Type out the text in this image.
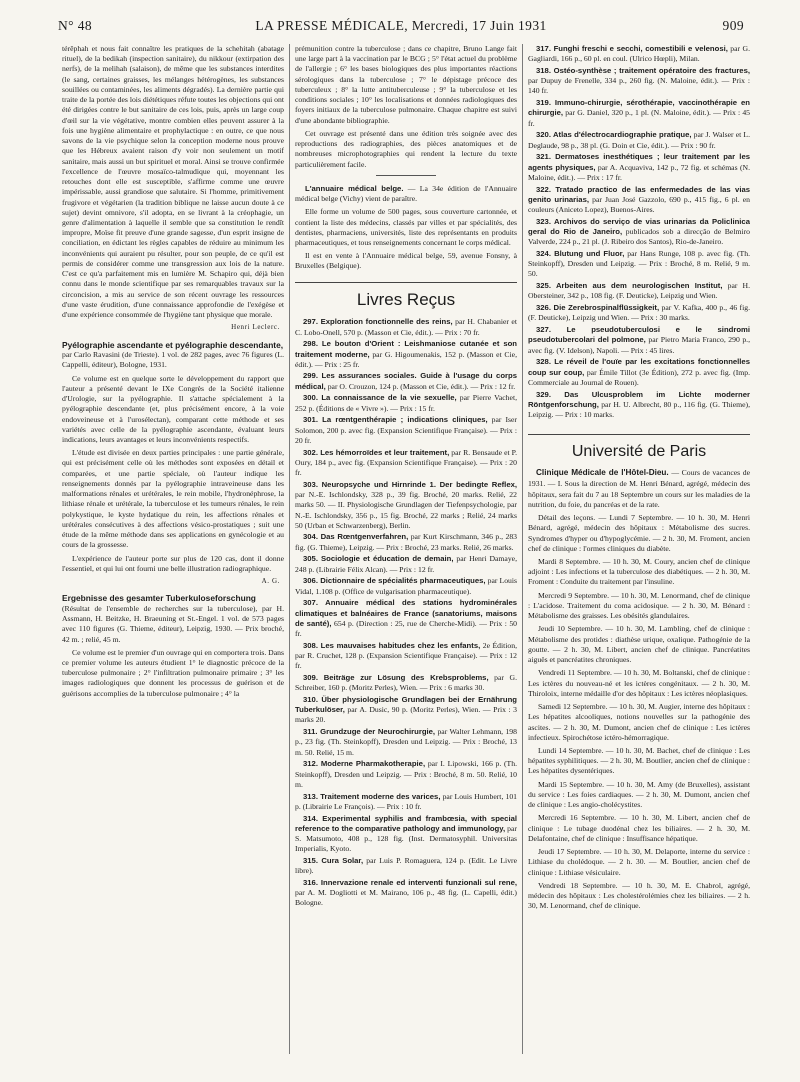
N° 48	LA PRESSE MÉDICALE, Mercredi, 17 Juin 1931	909

térêphah et nous fait connaître les pratiques de la schehitah (abatage rituel), de la bedikah (inspection sanitaire), du nikkour (extirpation des nerfs), de la melihah (salaison), de même que les substances interdites (le sang, certaines graisses, les mélanges hétérogènes, les substances souillées ou contaminées, les aliments dégradés). La dernière partie qui traite de la portée des lois diététiques réfute toutes les objections qui ont été dirigées contre le but sanitaire de ces lois, puis, après un large coup d'œil sur la vie végétative, montre combien elles peuvent assurer à la fois une hygiène alimentaire et prophylactique : en outre, ce que nous savons de la vie psychique selon la conception moderne nous prouve que les Hébreux avaient raison d'y voir non seulement un motif sanitaire, mais aussi un but spirituel et moral. Ainsi se trouve confirmée l'excellence de l'œuvre mosaïco-talmudique qui, moyennant les retouches dont elle est susceptible, s'affirme comme une œuvre impérissable, aussi grandiose que salutaire. Si l'homme, primitivement frugivore et végétarien (la tradition biblique ne laisse aucun doute à ce sujet) devint omnivore, s'il adopta, en se livrant à la créophagie, un genre d'alimentation à laquelle il semble que sa constitution le rendît impropre, Moïse fit preuve d'une grande sagesse, d'un esprit insigne de conciliation, en édictant les règles capables de réduire au minimum les inconvénients qui auraient pu résulter, pour son peuple, de ce qu'il est permis de considérer comme une transgression aux lois de la nature. C'est ce qu'a parfaitement mis en lumière M. Schapiro qui, déjà bien connu dans le monde scientifique par ses remarquables travaux sur la circoncision, a mis au service de son récent ouvrage les ressources d'une vaste érudition, d'une connaissance approfondie de l'exégèse et d'une expérience consommée de l'hygiène tant physique que morale.

Henri Leclerc.
Pyélographie ascendante et pyélographie descendante,

par Carlo Ravasini (de Trieste). 1 vol. de 282 pages, avec 76 figures (L. Cappelli, éditeur), Bologne, 1931.

Ce volume est en quelque sorte le développement du rapport que l'auteur a présenté devant le IXe Congrès de la Société italienne d'Urologie, sur la pyélographie. Il s'attache spécialement à la pyélographie descendante (et, plus précisément encore, à la voie endoveineuse et à l'urosélectan), comparant cette méthode et ses variétés avec celle de la pyélographie ascendante, évaluant leurs indications, leurs avantages et leurs inconvénients respectifs.

L'étude est divisée en deux parties principales : une partie générale, qui est précisément celle où les méthodes sont exposées en détail et comparées, et une partie spéciale, où l'auteur indique les renseignements donnés par la pyélographie intraveineuse dans les malformations rénales et urétérales, le rein mobile, l'hydronéphrose, la lithiase rénale et urétérale, la tuberculose et les tumeurs rénales, le rein polykystique, le kyste hydatique du rein, les affections rénales et urétérales consécutives à des affections vésico-prostatiques ; suit une étude de la même méthode dans ses applications en gynécologie et au cours de la grossesse.

L'expérience de l'auteur porte sur plus de 120 cas, dont il donne l'essentiel, et qui lui ont fourni une belle illustration radiographique.

A. G.
Ergebnisse des gesamter Tuberkuloseforschung

(Résultat de l'ensemble de recherches sur la tuberculose), par H. Assmann, H. Beitzke, H. Braeuning et St.-Engel. 1 vol. de 573 pages avec 110 figures (G. Thieme, éditeur), Leipzig, 1930. — Prix broché, 42 m. ; relié, 45 m.

Ce volume est le premier d'un ouvrage qui en comportera trois. Dans ce premier volume les auteurs étudient 1° le diagnostic précoce de la tuberculose pulmonaire ; 2° l'infiltration pulmonaire primaire ; 3° les images radiologiques que donnent les processus de guérison et de guérisons accomplies de la tuberculose pulmonaire ; 4° la

prémunition contre la tuberculose ; dans ce chapitre, Bruno Lange fait une large part à la vaccination par le BCG ; 5° l'état actuel du problème de l'allergie ; 6° les bases biologiques des plus importantes réactions sérologiques dans la tuberculose ; 7° le dépistage précoce des tuberculeux ; 8° la lutte antituberculeuse ; 9° la tuberculose et les conditions sociales ; 10° les localisations et données radiologiques des foyers initiaux de la tuberculose pulmonaire. Chaque chapitre est suivi d'une abondante bibliographie.

Cet ouvrage est présenté dans une édition très soignée avec des reproductions des radiographies, des pièces anatomiques et de nombreuses microphotographies qui rendent la lecture du texte particulièrement facile.

L'annuaire médical belge. — La 34e édition de l'Annuaire médical belge (Vichy) vient de paraître.

Elle forme un volume de 500 pages, sous couverture cartonnée, et contient la liste des médecins, classés par villes et par spécialités, des dentistes, pharmaciens, universités, liste des représentants en produits pharmaceutiques, et tous renseignements concernant le corps médical.

Il est en vente à l'Annuaire médical belge, 59, avenue Fonsny, à Bruxelles (Belgique).

Livres Reçus

297. Exploration fonctionnelle des reins, par H. Chabanier et C. Lobo-Onell, 570 p. (Masson et Cie, édit.). — Prix : 70 fr.

298. Le bouton d'Orient : Leishmaniose cutanée et son traitement moderne, par G. Higoumenakis, 152 p. (Masson et Cie, édit.). — Prix : 25 fr.

299. Les assurances sociales. Guide à l'usage du corps médical, par O. Crouzon, 124 p. (Masson et Cie, édit.). — Prix : 12 fr.

300. La connaissance de la vie sexuelle, par Pierre Vachet, 252 p. (Éditions de « Vivre »). — Prix : 15 fr.

301. La rœntgenthérapie ; indications cliniques, par Iser Solomon, 200 p. avec fig. (Expansion Scientifique Française). — Prix : 20 fr.

302. Les hémorroïdes et leur traitement, par R. Bensaude et P. Oury, 184 p., avec fig. (Expansion Scientifique Française). — Prix : 20 fr.

303. Neuropsyche und Hirnrinde 1. Der bedingte Reflex, par N.-E. Ischlondsky, 328 p., 39 fig. Broché, 20 marks. Relié, 22 marks 50. — II. Physiologische Grundlagen der Tiefenpsychologie, par N.-E. Ischlondsky, 356 p., 15 fig. Broché, 22 marks ; Relié, 24 marks 50 (Urban et Schwarzenberg), Berlin.

304. Das Rœntgenverfahren, par Kurt Kirschmann, 346 p., 283 fig. (G. Thieme), Leipzig. — Prix : Broché, 23 marks. Relié, 26 marks.

305. Sociologie et éducation de demain, par Henri Damaye, 248 p. (Librairie Félix Alcan). — Prix : 12 fr.

306. Dictionnaire de spécialités pharmaceutiques, par Louis Vidal, 1.108 p. (Office de vulgarisation pharmaceutique).

307. Annuaire médical des stations hydrominérales climatiques et balnéaires de France (sanatoriums, maisons de santé), 654 p. (Direction : 25, rue de Cherche-Midi). — Prix : 50 fr.

308. Les mauvaises habitudes chez les enfants, 2e Édition, par R. Cruchet, 128 p. (Expansion Scientifique Française). — Prix : 12 fr.

309. Beiträge zur Lösung des Krebsproblems, par G. Schreiber, 160 p. (Moritz Perles), Wien. — Prix : 6 marks 30.

310. Über physiologische Grundlagen bei der Ernährung Tuberkulöser, par A. Dusic, 90 p. (Moritz Perles), Wien. — Prix : 3 marks 20.

311. Grundzuge der Neurochirurgie, par Walter Lehmann, 198 p., 23 fig. (Th. Steinkopff), Dresden und Leipzig. — Prix : Broché, 13 m. 50. Relié, 15 m.

312. Moderne Pharmakotherapie, par I. Lipowski, 166 p. (Th. Steinkopff), Dresden und Leipzig. — Prix : Broché, 8 m. 50. Relié, 10 m.

313. Traitement moderne des varices, par Louis Humbert, 101 p. (Librairie Le François). — Prix : 10 fr.

314. Experimental syphilis and frambœsia, with special reference to the comparative pathology and immunology, par S. Matsumoto, 408 p., 128 fig. (Inst. Dermatosyphil. Universitas Imperialis, Kyoto.

315. Cura Solar, par Luis P. Romaguera, 124 p. (Edit. Le Livre libre).

316. Innervazione renale ed interventi funzionali sul rene, par A. M. Dogliotti et M. Mairano, 106 p., 48 fig. (L. Capelli, édit.) Bologne.

317. Funghi freschi e secchi, comestibili e velenosi, par G. Gagliardi, 166 p., 60 pl. en coul. (Ulrico Hœpli), Milan.

318. Ostéo-synthèse ; traitement opératoire des fractures, par Dupuy de Frenelle, 334 p., 260 fig. (N. Maloine, édit.). — Prix : 140 fr.

319. Immuno-chirurgie, sérothérapie, vaccinothérapie en chirurgie, par G. Daniel, 320 p., 1 pl. (N. Maloine, édit.). — Prix : 45 fr.

320. Atlas d'électrocardiographie pratique, par J. Walser et L. Deglaude, 98 p., 38 pl. (G. Doin et Cie, édit.). — Prix : 90 fr.

321. Dermatoses inesthétiques ; leur traitement par les agents physiques, par A. Acquaviva, 142 p., 72 fig. et schémas (N. Maloine, édit.). — Prix : 17 fr.

322. Tratado practico de las enfermedades de las vias genito urinarias, par Juan José Gazzolo, 690 p., 415 fig., 6 pl. en couleurs (Aniceto Lopez), Buenos-Aires.

323. Archivos do serviço de vias urinarias da Policlinica geral do Rio de Janeiro, publicados sob a direcção de Belmiro Valverde, 224 p., 21 pl. (J. Ribeiro dos Santos), Rio-de-Janeiro.

324. Blutung und Fluor, par Hans Runge, 108 p. avec fig. (Th. Steinkopff), Dresden und Leipzig. — Prix : Broché, 8 m. Relié, 9 m. 50.

325. Arbeiten aus dem neurologischen Institut, par H. Obersteiner, 342 p., 108 fig. (F. Deuticke), Leipzig und Wien.

326. Die Zerebrospinalflüssigkeit, par V. Kafka, 400 p., 46 fig. (F. Deuticke), Leipzig und Wien. — Prix : 30 marks.

327. Le pseudotuberculosi e le sindromi pseudotubercolari del polmone, par Pietro Maria Franco, 290 p., avec fig. (V. Idelson), Napoli. — Prix : 45 lires.

328. Le réveil de l'ouïe par les excitations fonctionnelles coup sur coup, par Émile Tillot (3e Édition), 272 p. avec fig. (Imp. Commerciale au Journal de Rouen).

329. Das Ulcusproblem im Lichte moderner Röntgenforschung, par H. U. Albrecht, 80 p., 116 fig. (G. Thieme), Leipzig. — Prix : 10 marks.

Université de Paris

Clinique Médicale de l'Hôtel-Dieu. — Cours de vacances de 1931. — I. Sous la direction de M. Henri Bénard, agrégé, médecin des hôpitaux, sera fait du 7 au 18 Septembre un cours sur les maladies de la nutrition, du foie, du pancréas et de la rate.

Détail des leçons. — Lundi 7 Septembre. — 10 h. 30, M. Henri Bénard, agrégé, médecin des hôpitaux : Métabolisme des sucres. Syndromes d'hyper ou d'hypoglycémie. — 2 h. 30, M. Froment, ancien chef de clinique : l'ormes cliniques du diabète.

Mardi 8 Septembre. — 10 h. 30, M. Coury, ancien chef de clinique adjoint : Les infections et la tuberculose des diabétiques. — 2 h. 30, M. Froment : Conduite du traitement par l'insuline.

Mercredi 9 Septembre. — 10 h. 30, M. Lenormand, chef de clinique : L'acidose. Traitement du coma acidosique. — 2 h. 30, M. Bénard : Métabolisme des graisses. Les obésités glandulaires.

Jeudi 10 Septembre. — 10 h. 30, M. Lambling, chef de clinique : Métabolisme des protides : diathèse urique, oxalique. Pathogénie de la goutte. — 2 h. 30, M. Libert, ancien chef de clinique. Pancréatites aiguës et pancréatites chroniques.

Vendredi 11 Septembre. — 10 h. 30, M. Boltanski, chef de clinique : Les ictères du nouveau-né et les ictères congénitaux. — 2 h. 30, M. Thiroloix, interne médaille d'or des hôpitaux : Les ictères néoplasiques.

Samedi 12 Septembre. — 10 h. 30, M. Augier, interne des hôpitaux : Les hépatites alcooliques, notions nouvelles sur la pathogénie des ascites. — 2 h. 30, M. Dumont, ancien chef de clinique : Les ictères infectieux. Spirochétose ictéro-hémorragique.

Lundi 14 Septembre. — 10 h. 30, M. Bachet, chef de clinique : Les hépatites syphilitiques. — 2 h. 30, M. Boutlier, ancien chef de clinique : Les hépatites dysentériques.

Mardi 15 Septembre. — 10 h. 30, M. Amy (de Bruxelles), assistant du service : Les foies cardiaques. — 2 h. 30, M. Dumont, ancien chef de clinique : Les angio-cholécystites.

Mercredi 16 Septembre. — 10 h. 30, M. Libert, ancien chef de clinique : Le tubage duodénal chez les biliaires. — 2 h. 30, M. Delafontaine, chef de clinique : Insuffisance hépatique.

Jeudi 17 Septembre. — 10 h. 30, M. Delaporte, interne du service : Lithiase du cholédoque. — 2 h. 30. — M. Boutlier, ancien chef de clinique : Lithiase vésiculaire.

Vendredi 18 Septembre. — 10 h. 30, M. E. Chabrol, agrégé, médecin des hôpitaux : Les cholestérolémies chez les biliaires. — 2 h. 30, M. Lenormand, chef de clinique.
